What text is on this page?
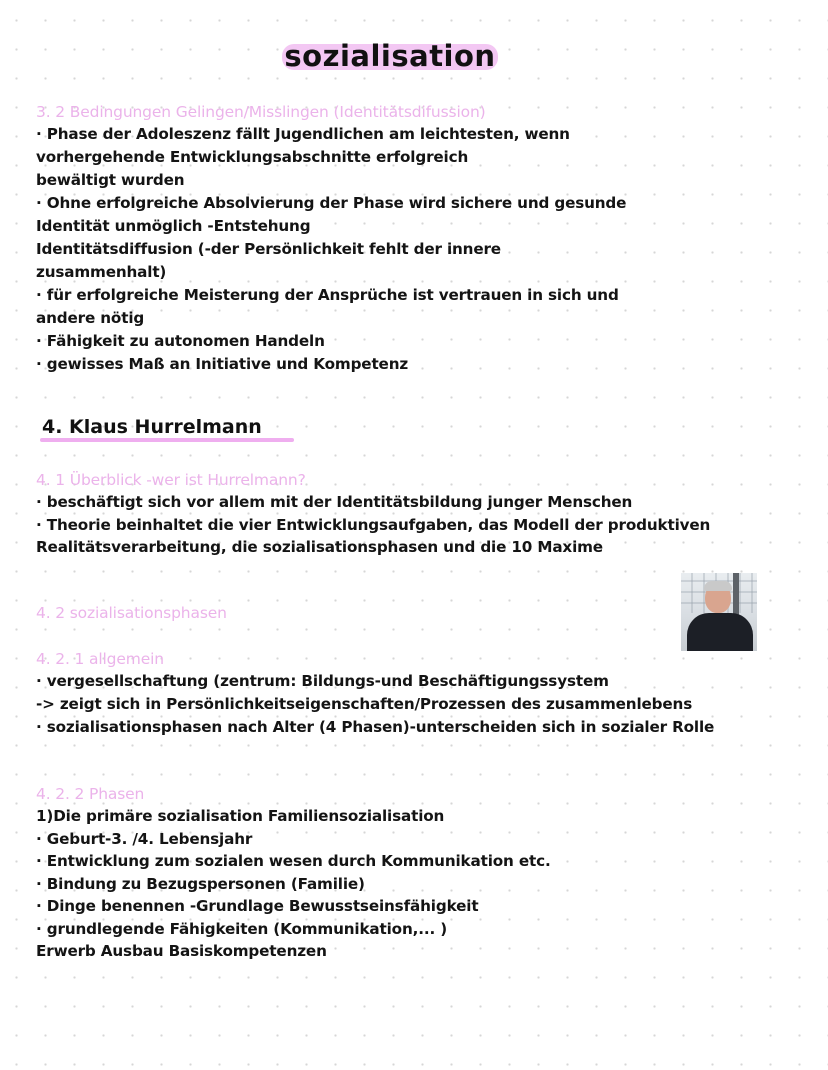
sozialisation
3. 2 Bedingungen Gelingen/Misslingen (Identitätsdifussion)
· Phase der Adoleszenz fällt Jugendlichen am leichtesten, wenn
vorhergehende Entwicklungsabschnitte erfolgreich
bewältigt wurden
· Ohne erfolgreiche Absolvierung der Phase wird sichere und gesunde
Identität unmöglich -Entstehung
Identitätsdiffusion (-der Persönlichkeit fehlt der innere
zusammenhalt)
· für erfolgreiche Meisterung der Ansprüche ist vertrauen in sich und
andere nötig
· Fähigkeit zu autonomen Handeln
· gewisses Maß an Initiative und Kompetenz
4. Klaus Hurrelmann
4. 1 Überblick -wer ist Hurrelmann?
· beschäftigt sich vor allem mit der Identitätsbildung junger Menschen
· Theorie beinhaltet die vier Entwicklungsaufgaben, das Modell der produktiven
Realitätsverarbeitung, die sozialisationsphasen und die 10 Maxime
4. 2 sozialisationsphasen
4. 2. 1 allgemein
· vergesellschaftung (zentrum: Bildungs-und Beschäftigungssystem
-> zeigt sich in Persönlichkeitseigenschaften/Prozessen des zusammenlebens
· sozialisationsphasen nach Alter (4 Phasen)-unterscheiden sich in sozialer Rolle
4. 2. 2 Phasen
1)Die primäre sozialisation Familiensozialisation
· Geburt-3. /4. Lebensjahr
· Entwicklung zum sozialen wesen durch Kommunikation etc.
· Bindung zu Bezugspersonen (Familie)
· Dinge benennen -Grundlage Bewusstseinsfähigkeit
· grundlegende Fähigkeiten (Kommunikation,... )
Erwerb Ausbau Basiskompetenzen
